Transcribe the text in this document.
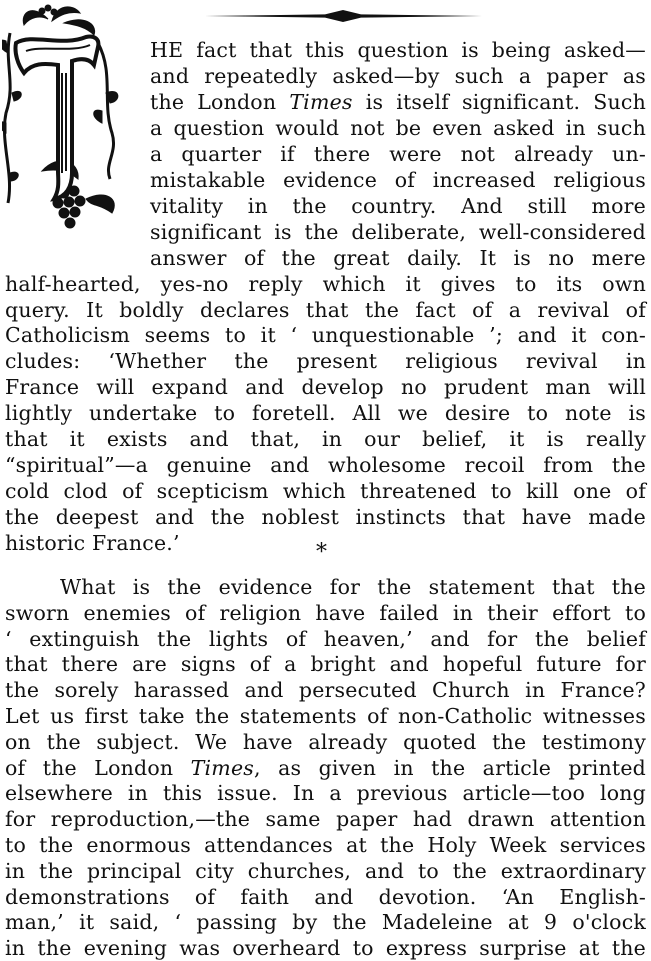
HE fact that this question is being asked—
and repeatedly asked—by such a paper as
the London Times is itself significant. Such
a question would not be even asked in such
a quarter if there were not already un-
mistakable evidence of increased religious
vitality in the country. And still more
significant is the deliberate, well-considered
answer of the great daily. It is no mere
half-hearted, yes-no reply which it gives to its own
query. It boldly declares that the fact of a revival of
Catholicism seems to it ‘ unquestionable ’; and it con-
cludes: ‘Whether the present religious revival in
France will expand and develop no prudent man will
lightly undertake to foretell. All we desire to note is
that it exists and that, in our belief, it is really
“spiritual”—a genuine and wholesome recoil from the
cold clod of scepticism which threatened to kill one of
the deepest and the noblest instincts that have made
historic France.’	*
What is the evidence for the statement that the
sworn enemies of religion have failed in their effort to
‘ extinguish the lights of heaven,’ and for the belief
that there are signs of a bright and hopeful future for
the sorely harassed and persecuted Church in France?
Let us first take the statements of non-Catholic witnesses
on the subject. We have already quoted the testimony
of the London Times, as given in the article printed
elsewhere in this issue. In a previous article—too long
for reproduction,—the same paper had drawn attention
to the enormous attendances at the Holy Week services
in the principal city churches, and to the extraordinary
demonstrations of faith and devotion. ‘An English-
man,’ it said, ‘ passing by the Madeleine at 9 o'clock
in the evening was overheard to express surprise at the
